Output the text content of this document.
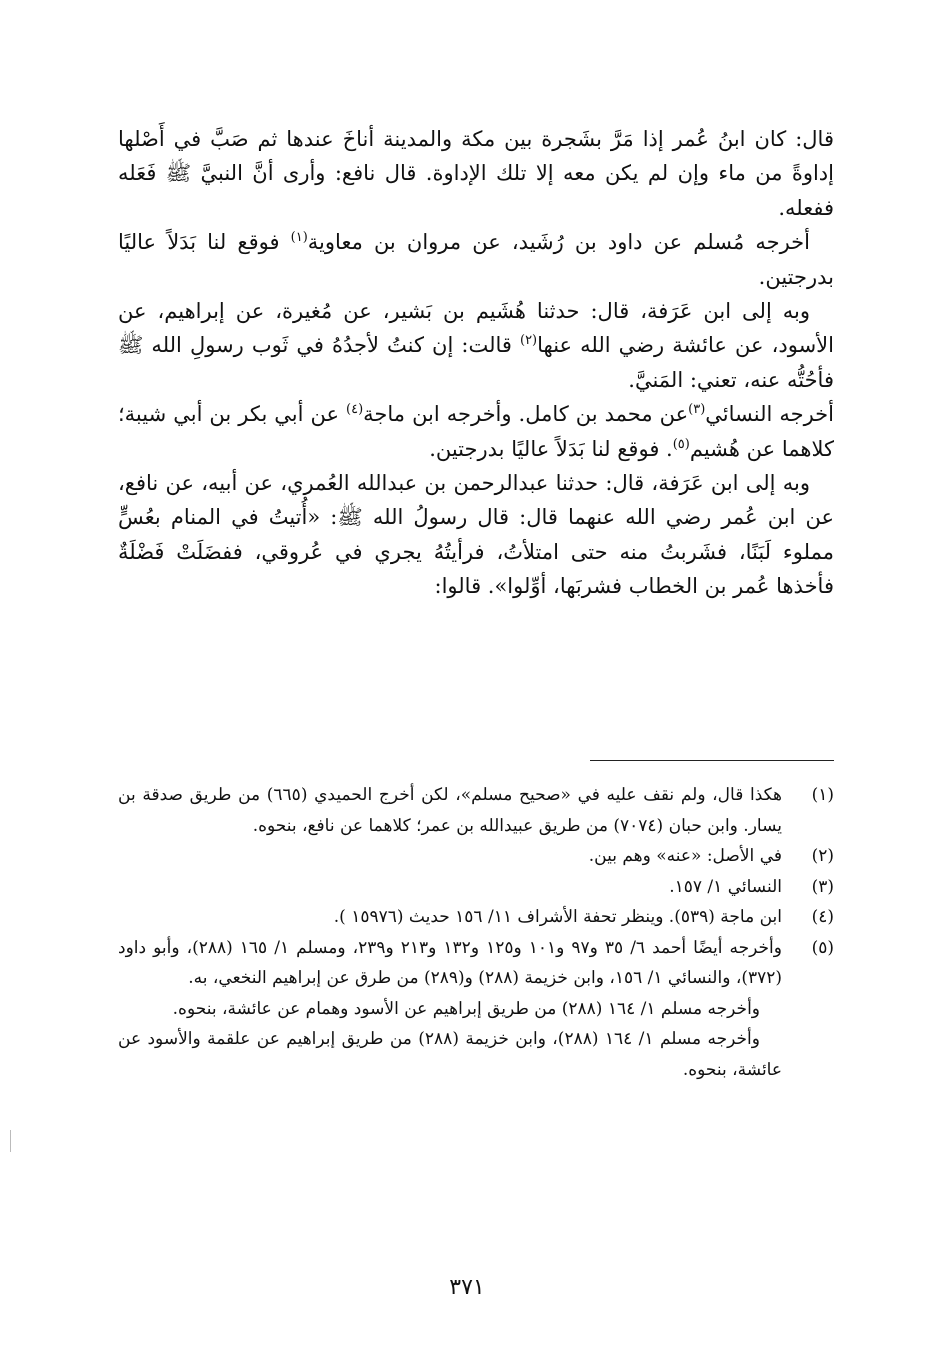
قال: كان ابنُ عُمر إذا مَرَّ بشَجرة بين مكة والمدينة أناخَ عندها ثم صَبَّ في أَصْلها إداوةً من ماء وإن لم يكن معه إلا تلك الإداوة. قال نافع: وأرى أنَّ النبيَّ ﷺ فَعَله ففعله.

أخرجه مُسلم عن داود بن رُشَيد، عن مروان بن معاوية$^{(١)}$ فوقع لنا بَدَلاً عاليًا بدرجتين.

وبه إلى ابن عَرَفة، قال: حدثنا هُشَيم بن بَشير، عن مُغيرة، عن إبراهيم، عن الأسود، عن عائشة رضي الله عنها$^{(٢)}$ قالت: إن كنتُ لأجدُهُ في ثَوب رسولِ الله ﷺ فأحُتُّه عنه، تعني: المَنيَّ.

أخرجه النسائي$^{(٣)}$عن محمد بن كامل. وأخرجه ابن ماجة$^{(٤)}$ عن أبي بكر بن أبي شيبة؛ كلاهما عن هُشيم$^{(٥)}$. فوقع لنا بَدَلاً عاليًا بدرجتين.

وبه إلى ابن عَرَفة، قال: حدثنا عبدالرحمن بن عبدالله العُمري، عن أبيه، عن نافع، عن ابن عُمر رضي الله عنهما قال: قال رسولُ الله ﷺ: «أُتيتُ في المنام بعُسٍّ مملوء لَبَنًا، فشَربتُ منه حتى امتلأتُ، فرأيتُهُ يجري في عُروقي، ففضَلَتْ فَضْلَةٌ فأخذها عُمر بن الخطاب فشربَها، أوِّلوا». قالوا:

(١)

هكذا قال، ولم نقف عليه في «صحيح مسلم»، لكن أخرج الحميدي (٦٦٥) من طريق صدقة بن يسار. وابن حبان (٧٠٧٤) من طريق عبيدالله بن عمر؛ كلاهما عن نافع، بنحوه.

(٢)

في الأصل: «عنه» وهم بين.

(٣)

النسائي ١/ ١٥٧.

(٤)

ابن ماجة (٥٣٩). وينظر تحفة الأشراف ١١/ ١٥٦ حديث (١٥٩٧٦ ).

(٥)

وأخرجه أيضًا أحمد ٦/ ٣٥ و٩٧ و١٠١ و١٢٥ و١٣٢ و٢١٣ و٢٣٩، ومسلم ١/ ١٦٥ (٢٨٨)، وأبو داود (٣٧٢)، والنسائي ١/ ١٥٦، وابن خزيمة (٢٨٨) و(٢٨٩) من طرق عن إبراهيم النخعي، به.

وأخرجه مسلم ١/ ١٦٤ (٢٨٨) من طريق إبراهيم عن الأسود وهمام عن عائشة، بنحوه.

وأخرجه مسلم ١/ ١٦٤ (٢٨٨)، وابن خزيمة (٢٨٨) من طريق إبراهيم عن علقمة والأسود عن عائشة، بنحوه.

٣٧١
